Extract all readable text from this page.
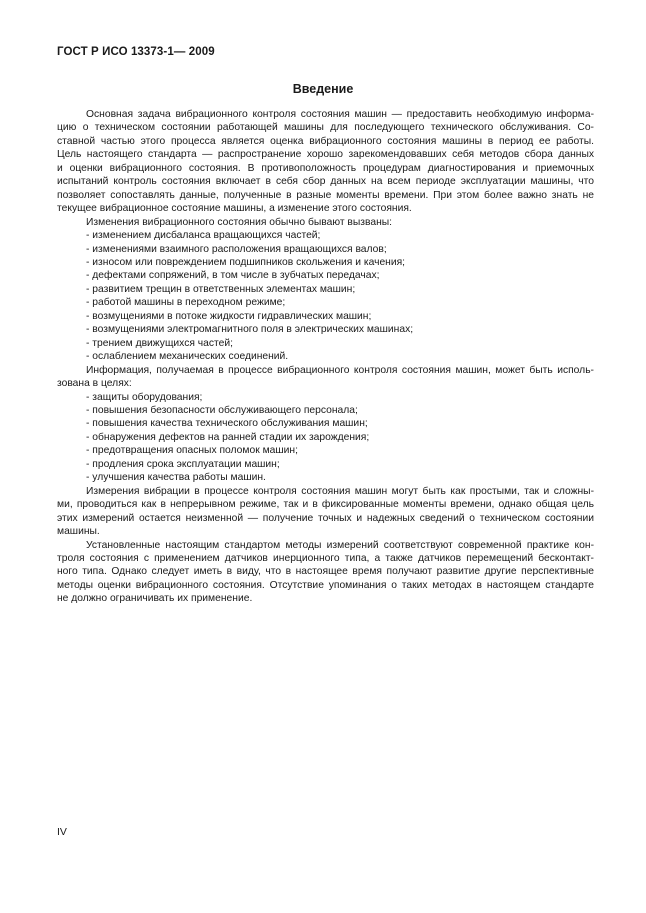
ГОСТ Р ИСО 13373-1— 2009
Введение

Основная задача вибрационного контроля состояния машин — предоставить необходимую информа-

цию о техническом состоянии работающей машины для последующего технического обслуживания. Со-

ставной частью этого процесса является оценка вибрационного состояния машины в период ее работы.

Цель настоящего стандарта — распространение хорошо зарекомендовавших себя методов сбора данных

и оценки вибрационного состояния. В противоположность процедурам диагностирования и приемочных

испытаний контроль состояния включает в себя сбор данных на всем периоде эксплуатации машины, что

позволяет сопоставлять данные, полученные в разные моменты времени. При этом более важно знать не

текущее вибрационное состояние машины, а изменение этого состояния.

Изменения вибрационного состояния обычно бывают вызваны:

- изменением дисбаланса вращающихся частей;

- изменениями взаимного расположения вращающихся валов;

- износом или повреждением подшипников скольжения и качения;

- дефектами сопряжений, в том числе в зубчатых передачах;

- развитием трещин в ответственных элементах машин;

- работой машины в переходном режиме;

- возмущениями в потоке жидкости гидравлических машин;

- возмущениями электромагнитного поля в электрических машинах;

- трением движущихся частей;

- ослаблением механических соединений.

Информация, получаемая в процессе вибрационного контроля состояния машин, может быть исполь-

зована в целях:

- защиты оборудования;

- повышения безопасности обслуживающего персонала;

- повышения качества технического обслуживания машин;

- обнаружения дефектов на ранней стадии их зарождения;

- предотвращения опасных поломок машин;

- продления срока эксплуатации машин;

- улучшения качества работы машин.

Измерения вибрации в процессе контроля состояния машин могут быть как простыми, так и сложны-

ми, проводиться как в непрерывном режиме, так и в фиксированные моменты времени, однако общая цель

этих измерений остается неизменной — получение точных и надежных сведений о техническом состоянии

машины.

Установленные настоящим стандартом методы измерений соответствуют современной практике кон-

троля состояния с применением датчиков инерционного типа, а также датчиков перемещений бесконтакт-

ного типа. Однако следует иметь в виду, что в настоящее время получают развитие другие перспективные

методы оценки вибрационного состояния. Отсутствие упоминания о таких методах в настоящем стандарте

не должно ограничивать их применение.

IV
